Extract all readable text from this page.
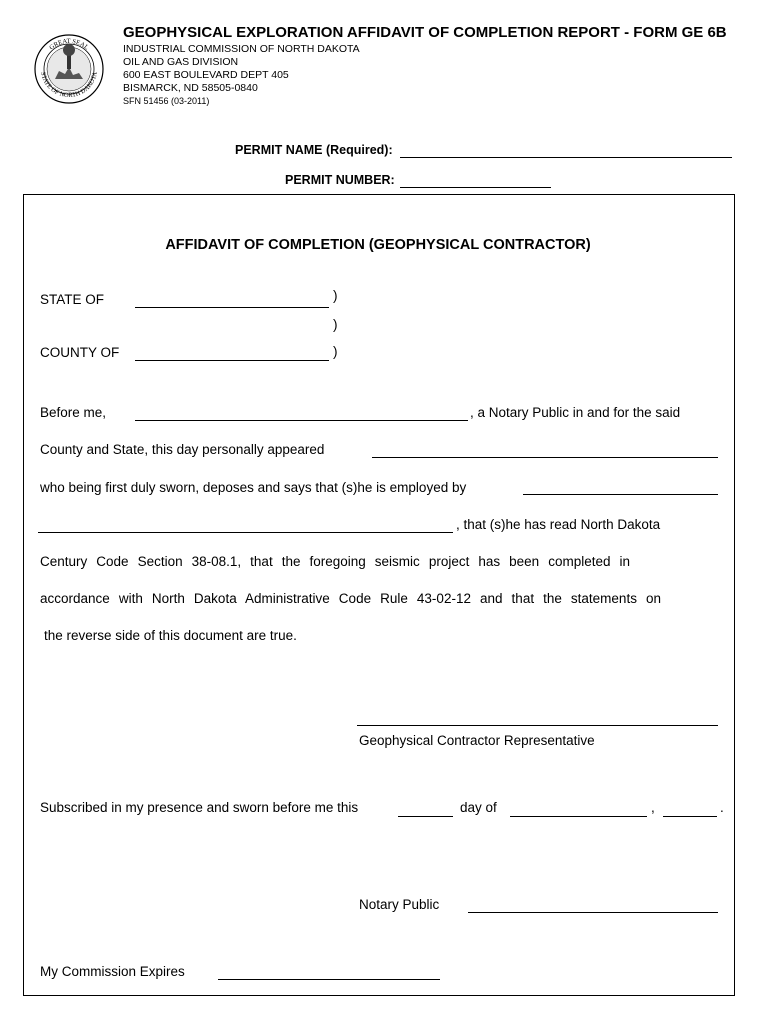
GREAT SEAL
STATE OF NORTH DAKOTA
GEOPHYSICAL EXPLORATION AFFIDAVIT OF COMPLETION REPORT - FORM GE 6B
INDUSTRIAL COMMISSION OF NORTH DAKOTA
OIL AND GAS DIVISION
600 EAST BOULEVARD DEPT 405
BISMARCK, ND 58505-0840
SFN 51456 (03-2011)
PERMIT NAME (Required):
PERMIT NUMBER:
AFFIDAVIT OF COMPLETION (GEOPHYSICAL CONTRACTOR)
STATE OF	)
)
COUNTY OF	)
Before me,	, a Notary Public in and for the said
County and State, this day personally appeared
who being first duly sworn, deposes and says that (s)he is employed by
, that (s)he has read North Dakota
Century Code Section 38-08.1, that the foregoing seismic project has been completed in
accordance with North Dakota Administrative Code Rule 43-02-12 and that the statements on
the reverse side of this document are true.
Geophysical Contractor Representative
Subscribed in my presence and sworn before me this	day of	,	.
Notary Public
My Commission Expires
